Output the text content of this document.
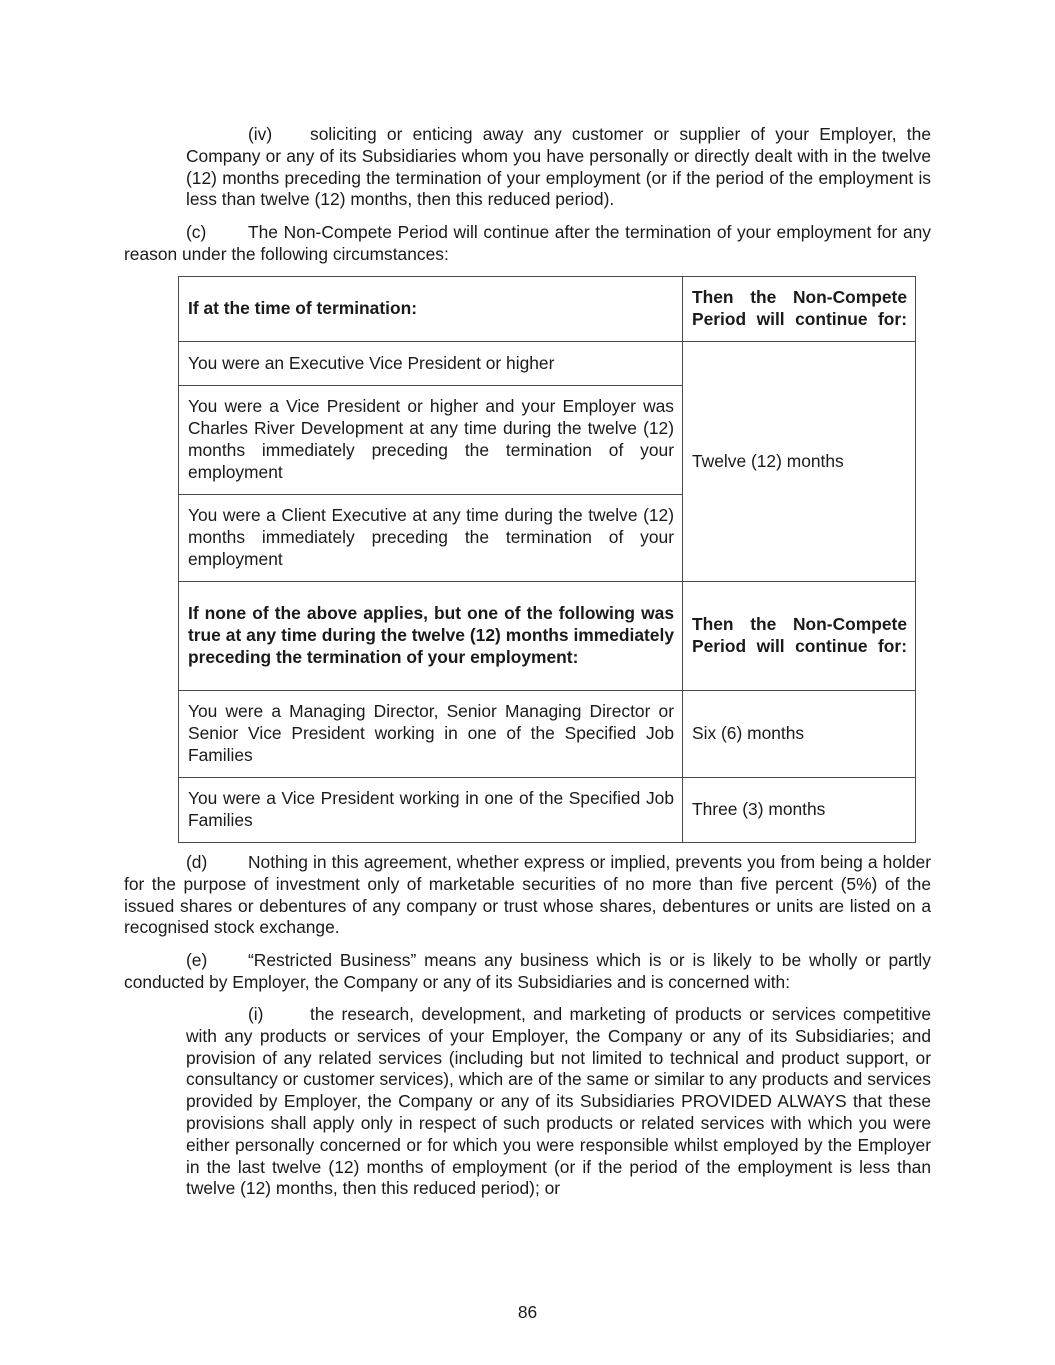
(iv) soliciting or enticing away any customer or supplier of your Employer, the Company or any of its Subsidiaries whom you have personally or directly dealt with in the twelve (12) months preceding the termination of your employment (or if the period of the employment is less than twelve (12) months, then this reduced period).

(c) The Non-Compete Period will continue after the termination of your employment for any reason under the following circumstances:

If at the time of termination:	Then the Non-Compete Period will continue for:
You were an Executive Vice President or higher	Twelve (12) months
You were a Vice President or higher and your Employer was Charles River Development at any time during the twelve (12) months immediately preceding the termination of your employment	
You were a Client Executive at any time during the twelve (12) months immediately preceding the termination of your employment	
If none of the above applies, but one of the following was true at any time during the twelve (12) months immediately preceding the termination of your employment:	Then the Non-Compete Period will continue for:
You were a Managing Director, Senior Managing Director or Senior Vice President working in one of the Specified Job Families	Six (6) months
You were a Vice President working in one of the Specified Job Families	Three (3) months

(d) Nothing in this agreement, whether express or implied, prevents you from being a holder for the purpose of investment only of marketable securities of no more than five percent (5%) of the issued shares or debentures of any company or trust whose shares, debentures or units are listed on a recognised stock exchange.

(e) “Restricted Business” means any business which is or is likely to be wholly or partly conducted by Employer, the Company or any of its Subsidiaries and is concerned with:

(i)	the research, development, and marketing of products or services competitive with any products or services of your Employer, the Company or any of its Subsidiaries; and provision of any related services (including but not limited to technical and product support, or consultancy or customer services), which are of the same or similar to any products and services provided by Employer, the Company or any of its Subsidiaries PROVIDED ALWAYS that these provisions shall apply only in respect of such products or related services with which you were either personally concerned or for which you were responsible whilst employed by the Employer in the last twelve (12) months of employment (or if the period of the employment is less than twelve (12) months, then this reduced period); or

86
